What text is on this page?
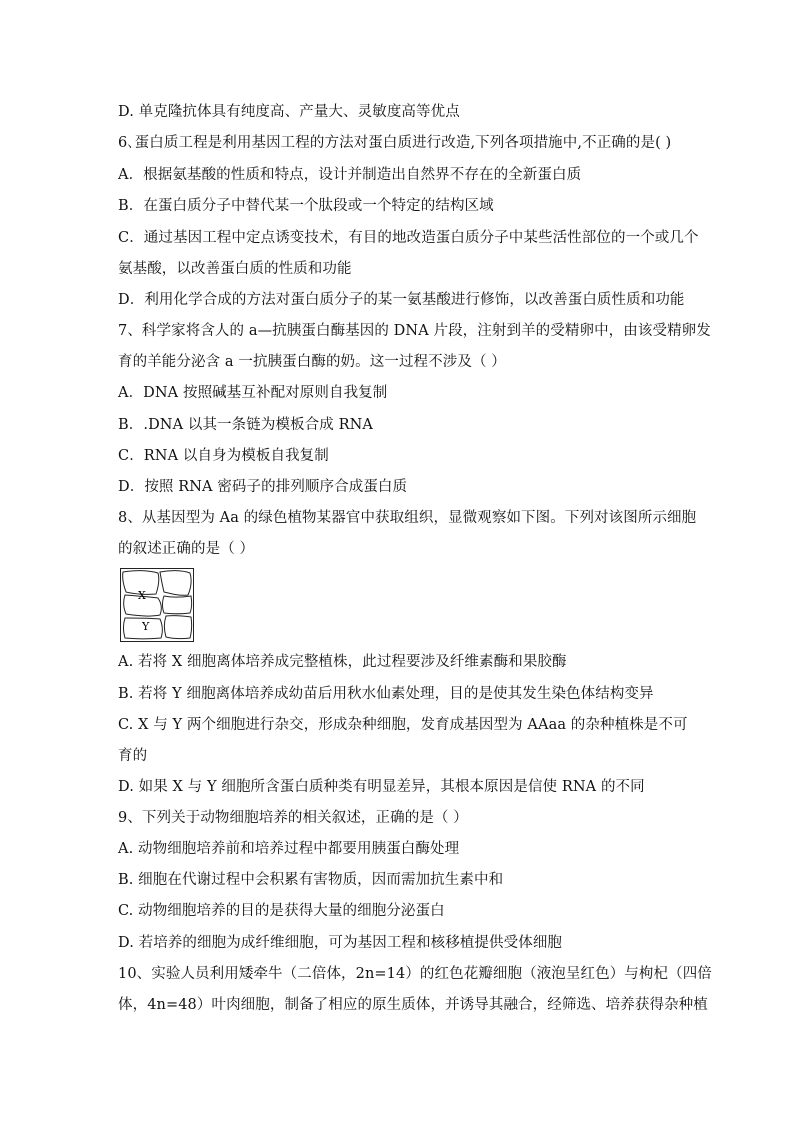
D. 单克隆抗体具有纯度高、产量大、灵敏度高等优点
6､蛋白质工程是利用基因工程的方法对蛋白质进行改造,下列各项措施中,不正确的是( )
A．根据氨基酸的性质和特点，设计并制造出自然界不存在的全新蛋白质
B．在蛋白质分子中替代某一个肽段或一个特定的结构区域
C．通过基因工程中定点诱变技术，有目的地改造蛋白质分子中某些活性部位的一个或几个
氨基酸，以改善蛋白质的性质和功能
D．利用化学合成的方法对蛋白质分子的某一氨基酸进行修饰，以改善蛋白质性质和功能
7、科学家将含人的 a—抗胰蛋白酶基因的 DNA 片段，注射到羊的受精卵中，由该受精卵发
育的羊能分泌含 a 一抗胰蛋白酶的奶。这一过程不涉及（ ）
A．DNA 按照碱基互补配对原则自我复制
B．.DNA 以其一条链为模板合成 RNA
C．RNA 以自身为模板自我复制
D．按照 RNA 密码子的排列顺序合成蛋白质
8、从基因型为 Aa 的绿色植物某器官中获取组织，显微观察如下图。下列对该图所示细胞
的叙述正确的是（ ）
X
Y
A. 若将 X 细胞离体培养成完整植株，此过程要涉及纤维素酶和果胶酶
B. 若将 Y 细胞离体培养成幼苗后用秋水仙素处理，目的是使其发生染色体结构变异
C. X 与 Y 两个细胞进行杂交，形成杂种细胞，发育成基因型为 AAaa 的杂种植株是不可
育的
D. 如果 X 与 Y 细胞所含蛋白质种类有明显差异，其根本原因是信使 RNA 的不同
9、下列关于动物细胞培养的相关叙述，正确的是（ ）
A. 动物细胞培养前和培养过程中都要用胰蛋白酶处理
B. 细胞在代谢过程中会积累有害物质，因而需加抗生素中和
C. 动物细胞培养的目的是获得大量的细胞分泌蛋白
D. 若培养的细胞为成纤维细胞，可为基因工程和核移植提供受体细胞
10、实验人员利用矮牵牛（二倍体，2n=14）的红色花瓣细胞（液泡呈红色）与枸杞（四倍
体，4n=48）叶肉细胞，制备了相应的原生质体，并诱导其融合，经筛选、培养获得杂种植
